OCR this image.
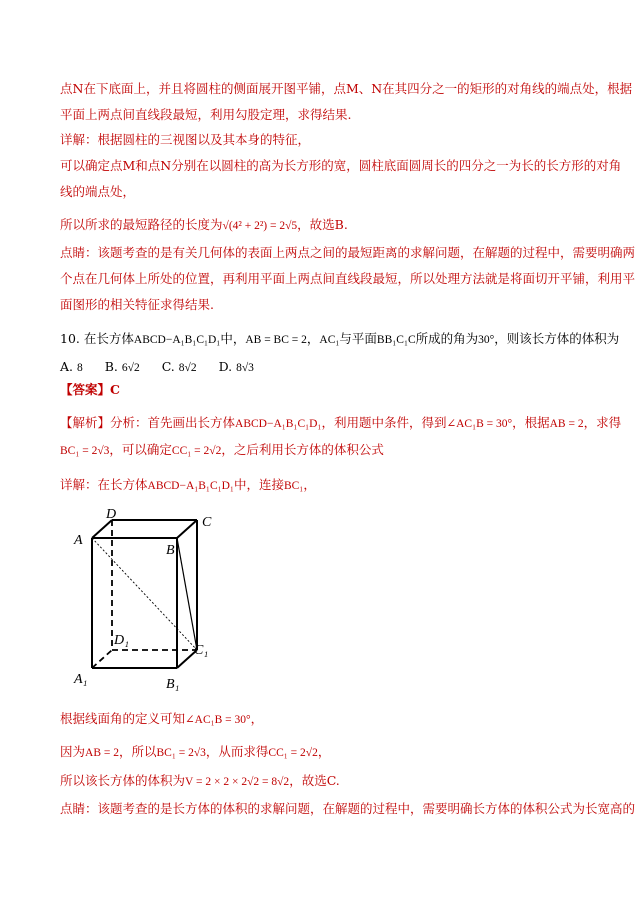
点N在下底面上，并且将圆柱的侧面展开图平铺，点M、N在其四分之一的矩形的对角线的端点处，根据
平面上两点间直线段最短，利用勾股定理，求得结果.
详解：根据圆柱的三视图以及其本身的特征，
可以确定点M和点N分别在以圆柱的高为长方形的宽，圆柱底面圆周长的四分之一为长的长方形的对角
线的端点处，
所以所求的最短路径的长度为√(4² + 2²) = 2√5，故选B.
点睛：该题考查的是有关几何体的表面上两点之间的最短距离的求解问题，在解题的过程中，需要明确两
个点在几何体上所处的位置，再利用平面上两点间直线段最短，所以处理方法就是将面切开平铺，利用平
面图形的相关特征求得结果.
10. 在长方体ABCD−A₁B₁C₁D₁中，AB = BC = 2，AC₁与平面BB₁C₁C所成的角为30°，则该长方体的体积为
A. 8 B. 6√2 C. 8√2 D. 8√3
【答案】C
【解析】分析：首先画出长方体ABCD−A₁B₁C₁D₁，利用题中条件，得到∠AC₁B = 30°，根据AB = 2，求得
BC₁ = 2√3，可以确定CC₁ = 2√2，之后利用长方体的体积公式
详解：在长方体ABCD−A₁B₁C₁D₁中，连接BC₁，
D
C
A
B
D₁
C₁
A₁	B₁
根据线面角的定义可知∠AC₁B = 30°，
因为AB = 2，所以BC₁ = 2√3，从而求得CC₁ = 2√2，
所以该长方体的体积为V = 2 × 2 × 2√2 = 8√2，故选C.
点睛：该题考查的是长方体的体积的求解问题，在解题的过程中，需要明确长方体的体积公式为长宽高的
